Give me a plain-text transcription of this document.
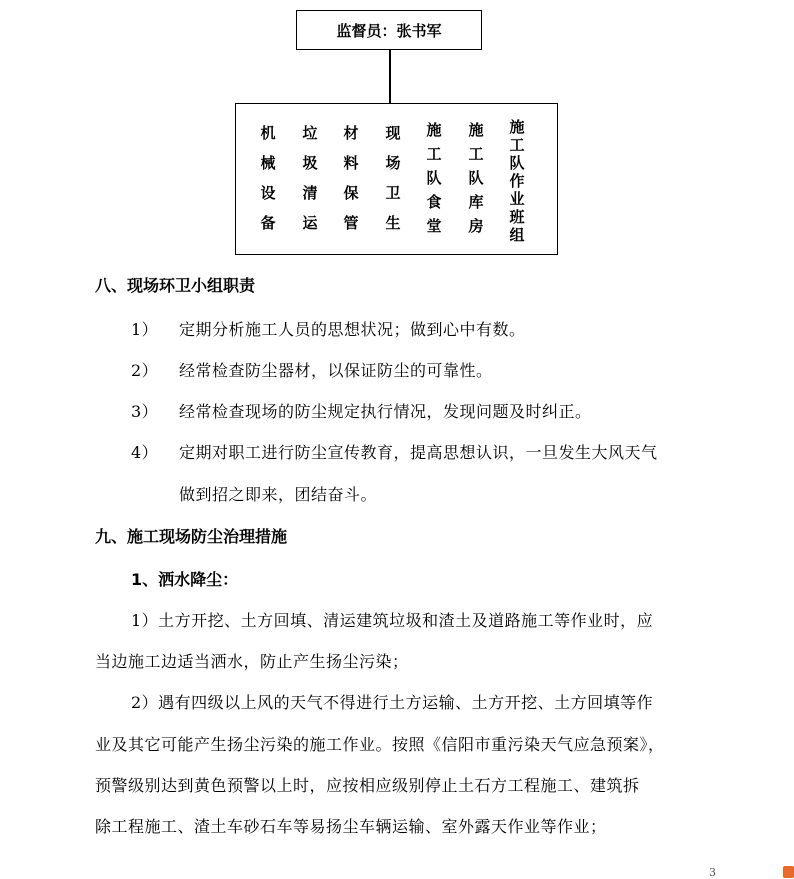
监督员：张书军
机械设备
垃圾清运
材料保管
现场卫生
施工队食堂
施工队库房
施工队作业班组
八、现场环卫小组职责
1） 定期分析施工人员的思想状况；做到心中有数。
2） 经常检查防尘器材，以保证防尘的可靠性。
3） 经常检查现场的防尘规定执行情况，发现问题及时纠正。
4） 定期对职工进行防尘宣传教育，提高思想认识，一旦发生大风天气
做到招之即来，团结奋斗。
九、施工现场防尘治理措施
1、洒水降尘：
1）土方开挖、土方回填、清运建筑垃圾和渣土及道路施工等作业时，应
当边施工边适当洒水，防止产生扬尘污染；
2）遇有四级以上风的天气不得进行土方运输、土方开挖、土方回填等作
业及其它可能产生扬尘污染的施工作业。按照《信阳市重污染天气应急预案》，
预警级别达到黄色预警以上时，应按相应级别停止土石方工程施工、建筑拆
除工程施工、渣土车砂石车等易扬尘车辆运输、室外露天作业等作业；
3
